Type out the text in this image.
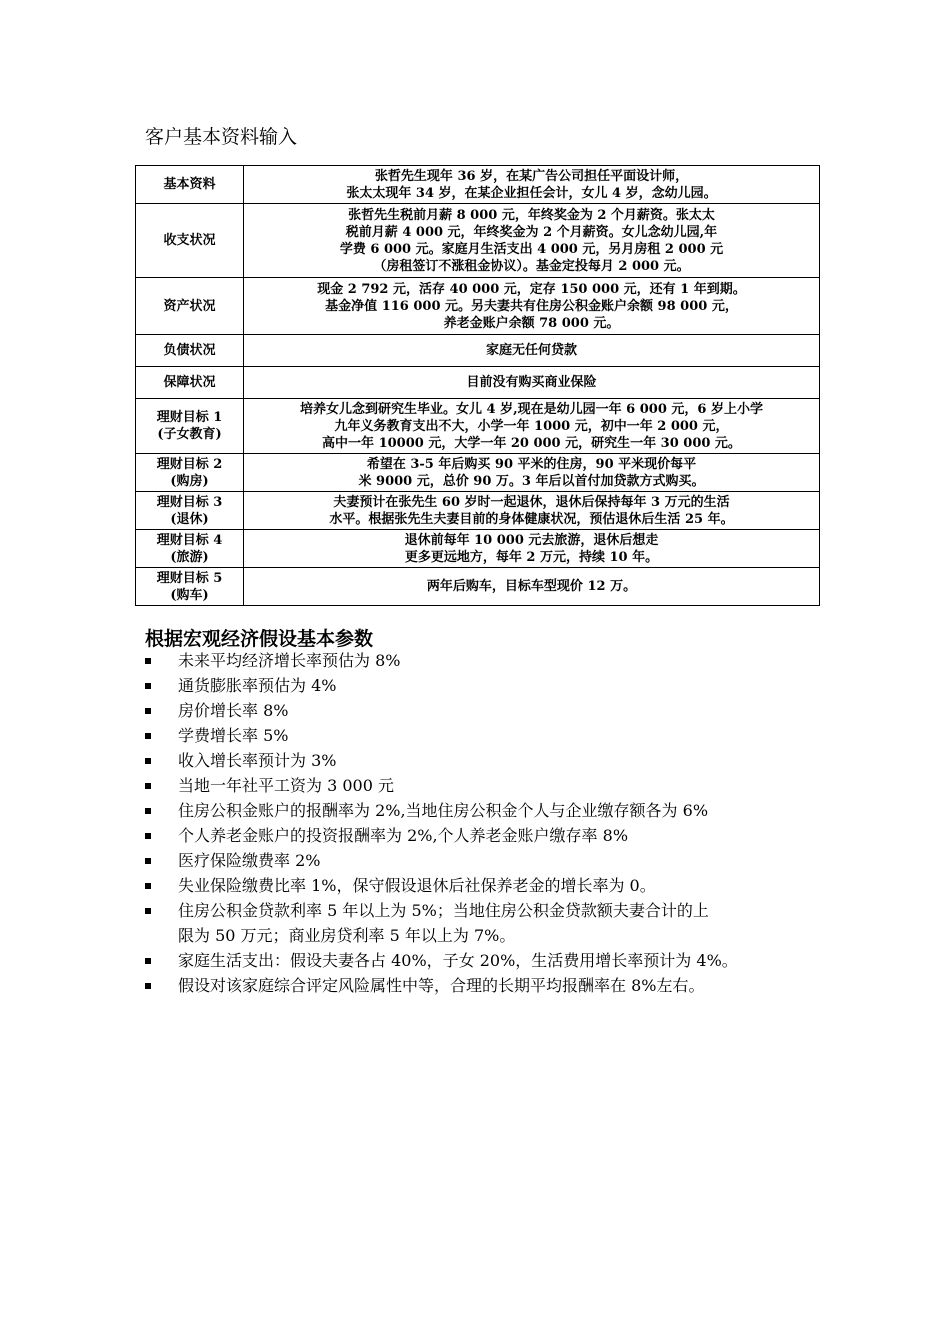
客户基本资料输入
基本资料	张哲先生现年 36 岁，在某广告公司担任平面设计师，
张太太现年 34 岁，在某企业担任会计，女儿 4 岁，念幼儿园。

收支状况	张哲先生税前月薪 8 000 元，年终奖金为 2 个月薪资。张太太
税前月薪 4 000 元，年终奖金为 2 个月薪资。女儿念幼儿园,年
学费 6 000 元。家庭月生活支出 4 000 元，另月房租 2 000 元
（房租签订不涨租金协议）。基金定投每月 2 000 元。

资产状况	现金 2 792 元，活存 40 000 元，定存 150 000 元，还有 1 年到期。
基金净值 116 000 元。另夫妻共有住房公积金账户余额 98 000 元，
养老金账户余额 78 000 元。

负债状况	家庭无任何贷款

保障状况	目前没有购买商业保险

理财目标 1
(子女教育)	培养女儿念到研究生毕业。女儿 4 岁,现在是幼儿园一年 6 000 元，6 岁上小学
九年义务教育支出不大，小学一年 1000 元，初中一年 2 000 元，
高中一年 10000 元，大学一年 20 000 元，研究生一年 30 000 元。

理财目标 2
(购房)	希望在 3-5 年后购买 90 平米的住房，90 平米现价每平
米 9000 元，总价 90 万。3 年后以首付加贷款方式购买。

理财目标 3
(退休)	夫妻预计在张先生 60 岁时一起退休，退休后保持每年 3 万元的生活
水平。根据张先生夫妻目前的身体健康状况，预估退休后生活 25 年。

理财目标 4
(旅游)	退休前每年 10 000 元去旅游，退休后想走
更多更远地方，每年 2 万元，持续 10 年。

理财目标 5
(购车)	两年后购车，目标车型现价 12 万。
根据宏观经济假设基本参数
未来平均经济增长率预估为 8%
通货膨胀率预估为 4%
房价增长率 8%
学费增长率 5%
收入增长率预计为 3%
当地一年社平工资为 3 000 元
住房公积金账户的报酬率为 2%,当地住房公积金个人与企业缴存额各为 6%
个人养老金账户的投资报酬率为 2%,个人养老金账户缴存率 8%
医疗保险缴费率 2%
失业保险缴费比率 1%，保守假设退休后社保养老金的增长率为 0。
住房公积金贷款利率 5 年以上为 5%；当地住房公积金贷款额夫妻合计的上
限为 50 万元；商业房贷利率 5 年以上为 7%。
家庭生活支出：假设夫妻各占 40%，子女 20%，生活费用增长率预计为 4%。
假设对该家庭综合评定风险属性中等，合理的长期平均报酬率在 8%左右。
